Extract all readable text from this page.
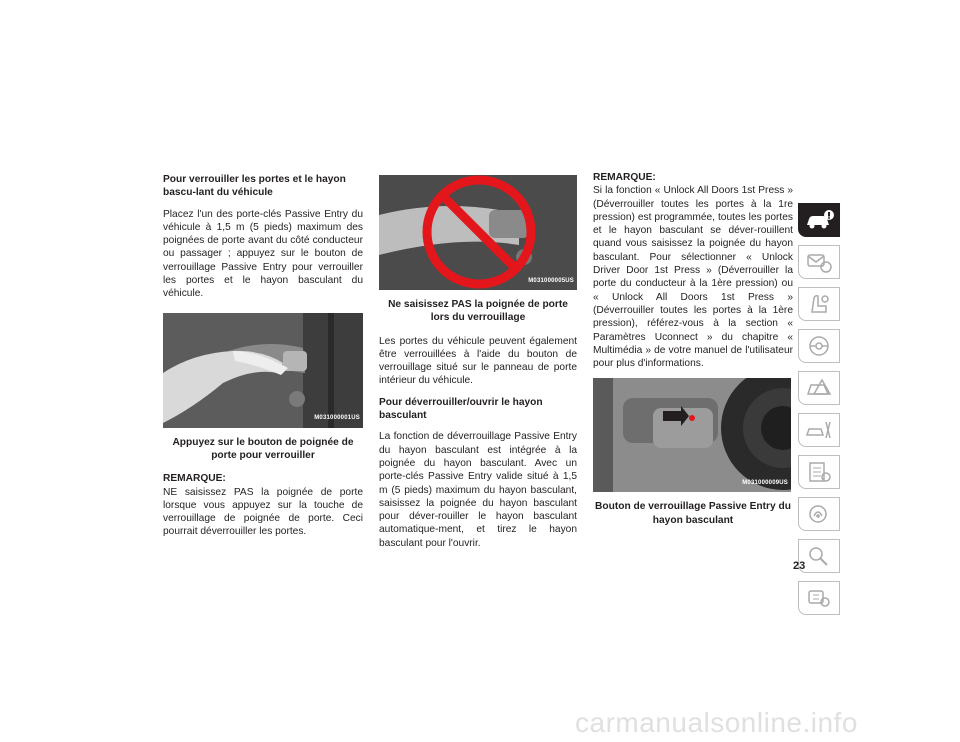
Pour verrouiller les portes et le hayon bascu-lant du véhicule

Placez l'un des porte-clés Passive Entry du véhicule à 1,5 m (5 pieds) maximum des poignées de porte avant du côté conducteur ou passager ; appuyez sur le bouton de verrouillage Passive Entry pour verrouiller les portes et le hayon basculant du véhicule.

M031000001US
Appuyez sur le bouton de poignée de porte pour verrouiller
REMARQUE:

NE saisissez PAS la poignée de porte lorsque vous appuyez sur la touche de verrouillage de poignée de porte. Ceci pourrait déverrouiller les portes.

M031000005US
Ne saisissez PAS la poignée de porte lors du verrouillage

Les portes du véhicule peuvent également être verrouillées à l'aide du bouton de verrouillage situé sur le panneau de porte intérieur du véhicule.

Pour déverrouiller/ouvrir le hayon basculant

La fonction de déverrouillage Passive Entry du hayon basculant est intégrée à la poignée du hayon basculant. Avec un porte-clés Passive Entry valide situé à 1,5 m (5 pieds) maximum du hayon basculant, saisissez la poignée du hayon basculant pour déver-rouiller le hayon basculant automatique-ment, et tirez le hayon basculant pour l'ouvrir.

REMARQUE:

Si la fonction « Unlock All Doors 1st Press » (Déverrouiller toutes les portes à la 1re pression) est programmée, toutes les portes et le hayon basculant se déver-rouillent quand vous saisissez la poignée du hayon basculant. Pour sélectionner « Unlock Driver Door 1st Press » (Déverrouiller la porte du conducteur à la 1ère pression) ou « Unlock All Doors 1st Press » (Déverrouiller toutes les portes à la 1ère pression), référez-vous à la section « Paramètres Uconnect » du chapitre « Multimédia » de votre manuel de l'utilisateur pour plus d'informations.

M031000009US
Bouton de verrouillage Passive Entry du hayon basculant
23
carmanualsonline.info
